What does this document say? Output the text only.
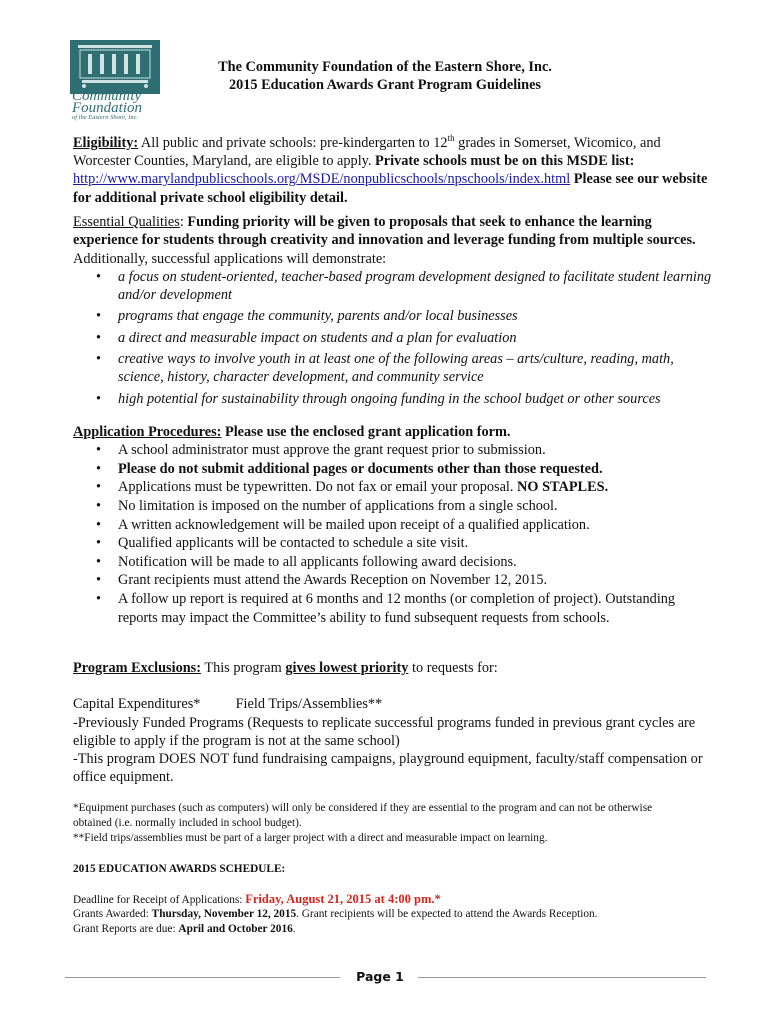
Community
Foundation
of the Eastern Shore, Inc.
The Community Foundation of the Eastern Shore, Inc.
2015 Education Awards Grant Program Guidelines
Eligibility: All public and private schools: pre-kindergarten to 12th grades in Somerset, Wicomico, and Worcester Counties, Maryland, are eligible to apply. Private schools must be on this MSDE list: http://www.marylandpublicschools.org/MSDE/nonpublicschools/npschools/index.html Please see our website for additional private school eligibility detail.
Essential Qualities: Funding priority will be given to proposals that seek to enhance the learning experience for students through creativity and innovation and leverage funding from multiple sources. Additionally, successful applications will demonstrate:
• a focus on student-oriented, teacher-based program development designed to facilitate student learning and/or development
• programs that engage the community, parents and/or local businesses
• a direct and measurable impact on students and a plan for evaluation
• creative ways to involve youth in at least one of the following areas – arts/culture, reading, math, science, history, character development, and community service
• high potential for sustainability through ongoing funding in the school budget or other sources
Application Procedures: Please use the enclosed grant application form.
• A school administrator must approve the grant request prior to submission.
• Please do not submit additional pages or documents other than those requested.
• Applications must be typewritten. Do not fax or email your proposal. NO STAPLES.
• No limitation is imposed on the number of applications from a single school.
• A written acknowledgement will be mailed upon receipt of a qualified application.
• Qualified applicants will be contacted to schedule a site visit.
• Notification will be made to all applicants following award decisions.
• Grant recipients must attend the Awards Reception on November 12, 2015.
• A follow up report is required at 6 months and 12 months (or completion of project). Outstanding reports may impact the Committee’s ability to fund subsequent requests from schools.
Program Exclusions: This program gives lowest priority to requests for:
Capital Expenditures* Field Trips/Assemblies**
-Previously Funded Programs (Requests to replicate successful programs funded in previous grant cycles are eligible to apply if the program is not at the same school)
-This program DOES NOT fund fundraising campaigns, playground equipment, faculty/staff compensation or office equipment.
*Equipment purchases (such as computers) will only be considered if they are essential to the program and can not be otherwise obtained (i.e. normally included in school budget).
**Field trips/assemblies must be part of a larger project with a direct and measurable impact on learning.
2015 EDUCATION AWARDS SCHEDULE:
Deadline for Receipt of Applications: Friday, August 21, 2015 at 4:00 pm.*
Grants Awarded: Thursday, November 12, 2015. Grant recipients will be expected to attend the Awards Reception.
Grant Reports are due: April and October 2016.
Page 1
